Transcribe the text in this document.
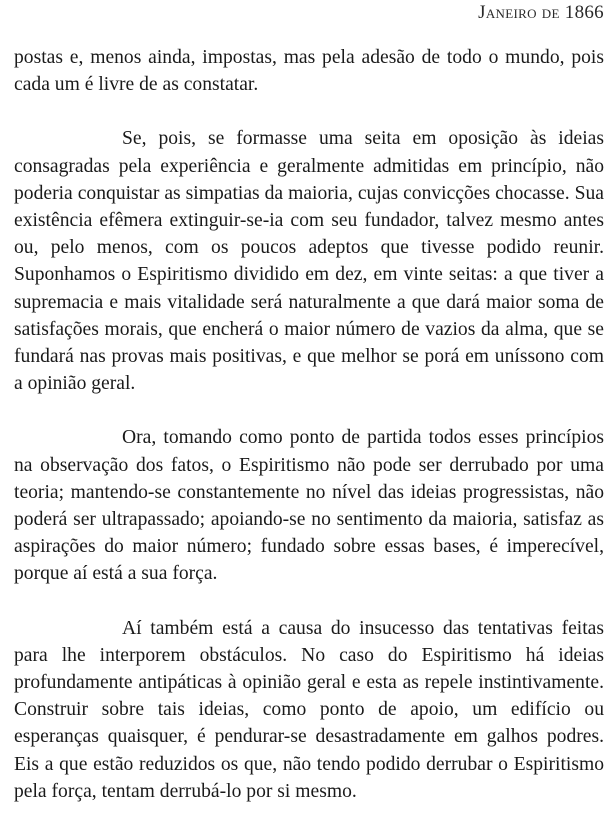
Janeiro de 1866

postas e, menos ainda, impostas, mas pela adesão de todo o mundo, pois cada um é livre de as constatar.

Se, pois, se formasse uma seita em oposição às ideias consagradas pela experiência e geralmente admitidas em princípio, não poderia conquistar as simpatias da maioria, cujas convicções chocasse. Sua existência efêmera extinguir-se-ia com seu fundador, talvez mesmo antes ou, pelo menos, com os poucos adeptos que tivesse podido reunir. Suponhamos o Espiritismo dividido em dez, em vinte seitas: a que tiver a supremacia e mais vitalidade será naturalmente a que dará maior soma de satisfações morais, que encherá o maior número de vazios da alma, que se fundará nas provas mais positivas, e que melhor se porá em uníssono com a opinião geral.

Ora, tomando como ponto de partida todos esses princípios na observação dos fatos, o Espiritismo não pode ser derrubado por uma teoria; mantendo-se constantemente no nível das ideias progressistas, não poderá ser ultrapassado; apoiando-se no sentimento da maioria, satisfaz as aspirações do maior número; fundado sobre essas bases, é imperecível, porque aí está a sua força.

Aí também está a causa do insucesso das tentativas feitas para lhe interporem obstáculos. No caso do Espiritismo há ideias profundamente antipáticas à opinião geral e esta as repele instintivamente. Construir sobre tais ideias, como ponto de apoio, um edifício ou esperanças quaisquer, é pendurar-se desastradamente em galhos podres. Eis a que estão reduzidos os que, não tendo podido derrubar o Espiritismo pela força, tentam derrubá-lo por si mesmo.
